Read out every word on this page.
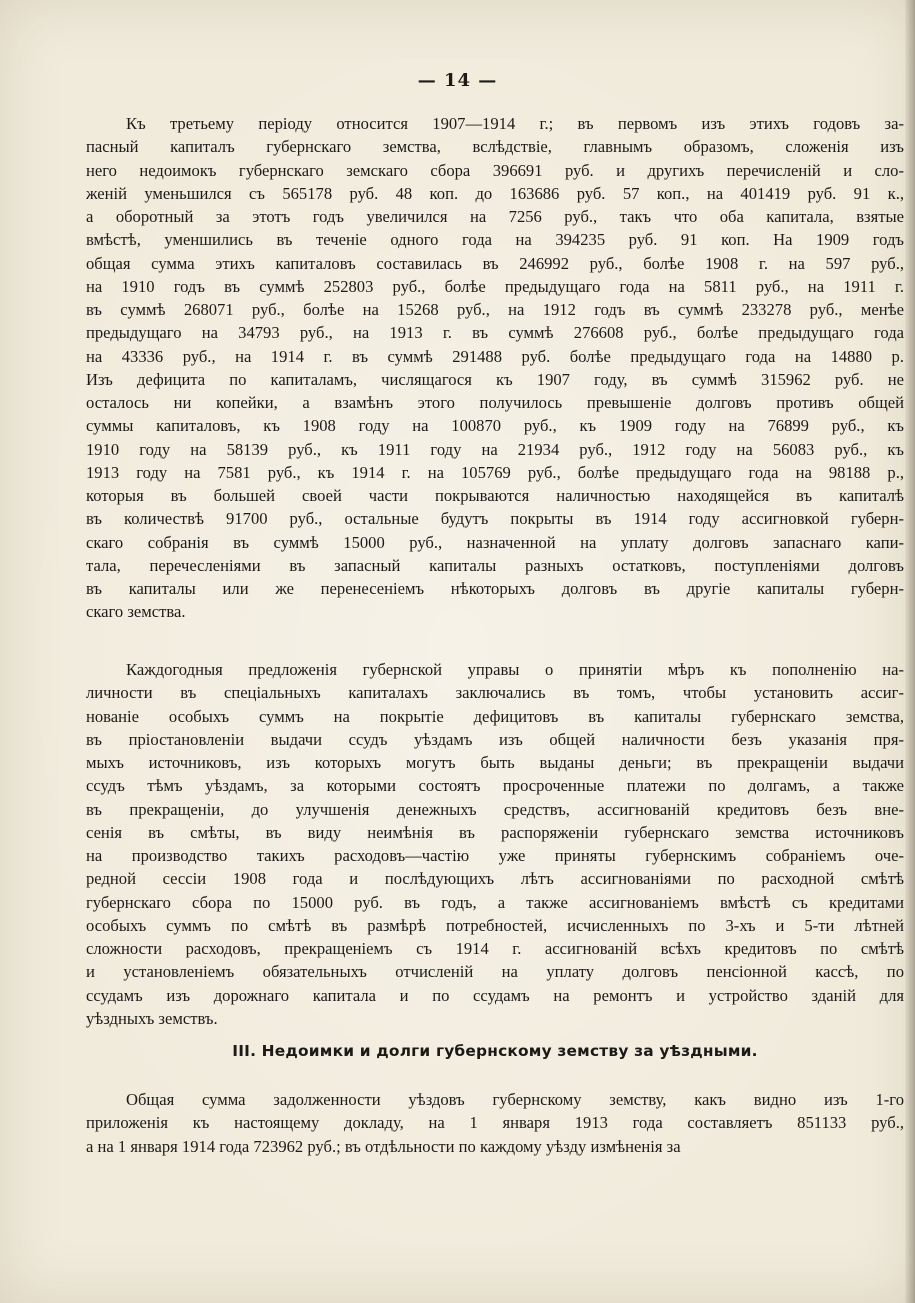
— 14 —
Къ третьему періоду относится 1907—1914 г.; въ первомъ изъ этихъ годовъ за-
пасный капиталъ губернскаго земства, вслѣдствіе, главнымъ образомъ, сложенія изъ
него недоимокъ губернскаго земскаго сбора 396691 руб. и другихъ перечисленій и сло-
женій уменьшился съ 565178 руб. 48 коп. до 163686 руб. 57 коп., на 401419 руб. 91 к.,
а оборотный за этотъ годъ увеличился на 7256 руб., такъ что оба капитала, взятые
вмѣстѣ, уменшились въ теченіе одного года на 394235 руб. 91 коп. На 1909 годъ
общая сумма этихъ капиталовъ составилась въ 246992 руб., болѣе 1908 г. на 597 руб.,
на 1910 годъ въ суммѣ 252803 руб., болѣе предыдущаго года на 5811 руб., на 1911 г.
въ суммѣ 268071 руб., болѣе на 15268 руб., на 1912 годъ въ суммѣ 233278 руб., менѣе
предыдущаго на 34793 руб., на 1913 г. въ суммѣ 276608 руб., болѣе предыдущаго года
на 43336 руб., на 1914 г. въ суммѣ 291488 руб. болѣе предыдущаго года на 14880 р.
Изъ дефицита по капиталамъ, числящагося къ 1907 году, въ суммѣ 315962 руб. не
осталось ни копейки, а взамѣнъ этого получилось превышеніе долговъ противъ общей
суммы капиталовъ, къ 1908 году на 100870 руб., къ 1909 году на 76899 руб., къ
1910 году на 58139 руб., къ 1911 году на 21934 руб., 1912 году на 56083 руб., къ
1913 году на 7581 руб., къ 1914 г. на 105769 руб., болѣе предыдущаго года на 98188 р.,
которыя въ большей своей части покрываются наличностью находящейся въ капиталѣ
въ количествѣ 91700 руб., остальные будутъ покрыты въ 1914 году ассигновкой губерн-
скаго собранія въ суммѣ 15000 руб., назначенной на уплату долговъ запаснаго капи-
тала, перечесленіями въ запасный капиталы разныхъ остатковъ, поступленіями долговъ
въ капиталы или же перенесеніемъ нѣкоторыхъ долговъ въ другіе капиталы губерн-
скаго земства.
Каждогодныя предложенія губернской управы о принятіи мѣръ къ пополненію на-
личности въ спеціальныхъ капиталахъ заключались въ томъ, чтобы установить ассиг-
нованіе особыхъ суммъ на покрытіе дефицитовъ въ капиталы губернскаго земства,
въ пріостановленіи выдачи ссудъ уѣздамъ изъ общей наличности безъ указанія пря-
мыхъ источниковъ, изъ которыхъ могутъ быть выданы деньги; въ прекращеніи выдачи
ссудъ тѣмъ уѣздамъ, за которыми состоятъ просроченные платежи по долгамъ, а также
въ прекращеніи, до улучшенія денежныхъ средствъ, ассигнованій кредитовъ безъ вне-
сенія въ смѣты, въ виду неимѣнія въ распоряженіи губернскаго земства источниковъ
на производство такихъ расходовъ—частію уже приняты губернскимъ собраніемъ оче-
редной сессіи 1908 года и послѣдующихъ лѣтъ ассигнованіями по расходной смѣтѣ
губернскаго сбора по 15000 руб. въ годъ, а также ассигнованіемъ вмѣстѣ съ кредитами
особыхъ суммъ по смѣтѣ въ размѣрѣ потребностей, исчисленныхъ по 3-хъ и 5-ти лѣтней
сложности расходовъ, прекращеніемъ съ 1914 г. ассигнованій всѣхъ кредитовъ по смѣтѣ
и установленіемъ обязательныхъ отчисленій на уплату долговъ пенсіонной кассѣ, по
ссудамъ изъ дорожнаго капитала и по ссудамъ на ремонтъ и устройство зданій для
уѣздныхъ земствъ.
III. Недоимки и долги губернскому земству за уѣздными.
Общая сумма задолженности уѣздовъ губернскому земству, какъ видно изъ 1-го
приложенія къ настоящему докладу, на 1 января 1913 года составляетъ 851133 руб.,
а на 1 января 1914 года 723962 руб.; въ отдѣльности по каждому уѣзду измѣненія за
